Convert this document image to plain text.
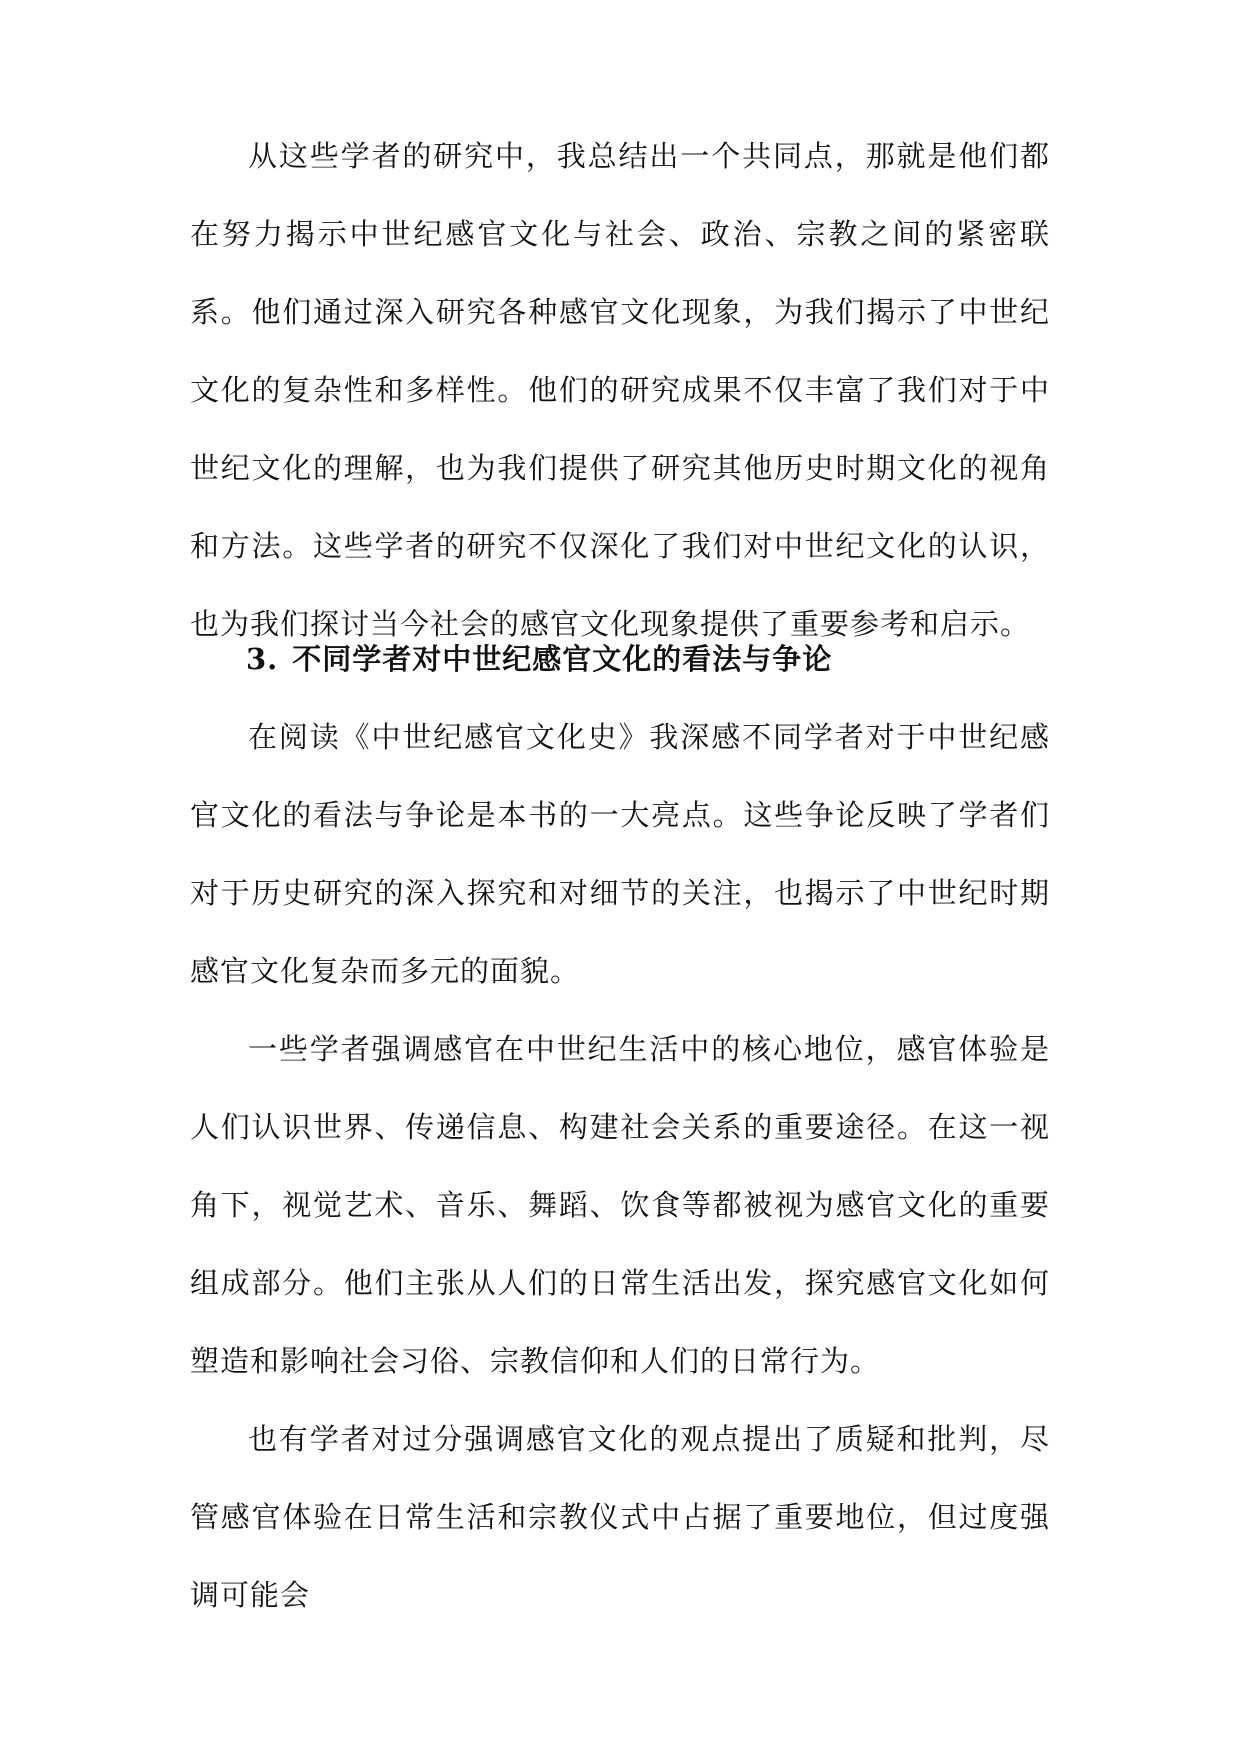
从这些学者的研究中，我总结出一个共同点，那就是他们都在努力揭示中世纪感官文化与社会、政治、宗教之间的紧密联系。他们通过深入研究各种感官文化现象，为我们揭示了中世纪文化的复杂性和多样性。他们的研究成果不仅丰富了我们对于中世纪文化的理解，也为我们提供了研究其他历史时期文化的视角和方法。这些学者的研究不仅深化了我们对中世纪文化的认识，也为我们探讨当今社会的感官文化现象提供了重要参考和启示。

3. 不同学者对中世纪感官文化的看法与争论

在阅读《中世纪感官文化史》我深感不同学者对于中世纪感官文化的看法与争论是本书的一大亮点。这些争论反映了学者们对于历史研究的深入探究和对细节的关注，也揭示了中世纪时期感官文化复杂而多元的面貌。

一些学者强调感官在中世纪生活中的核心地位，感官体验是人们认识世界、传递信息、构建社会关系的重要途径。在这一视角下，视觉艺术、音乐、舞蹈、饮食等都被视为感官文化的重要组成部分。他们主张从人们的日常生活出发，探究感官文化如何塑造和影响社会习俗、宗教信仰和人们的日常行为。

也有学者对过分强调感官文化的观点提出了质疑和批判，尽管感官体验在日常生活和宗教仪式中占据了重要地位，但过度强调可能会
